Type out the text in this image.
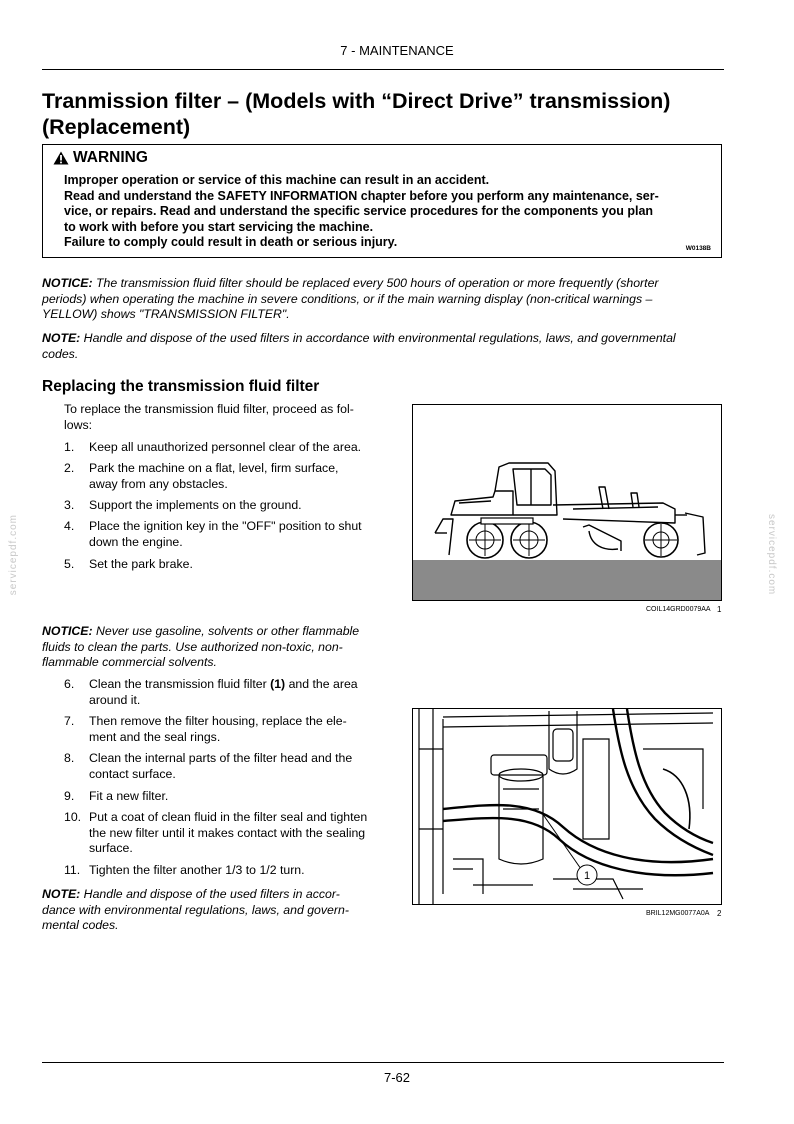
7 - MAINTENANCE
Tranmission filter – (Models with “Direct Drive” transmission)
(Replacement)
WARNING
Improper operation or service of this machine can result in an accident.
Read and understand the SAFETY INFORMATION chapter before you perform any maintenance, ser-
vice, or repairs. Read and understand the specific service procedures for the components you plan
to work with before you start servicing the machine.
Failure to comply could result in death or serious injury.	W0138B

NOTICE: The transmission fluid filter should be replaced every 500 hours of operation or more frequently (shorter
periods) when operating the machine in severe conditions, or if the main warning display (non-critical warnings –
YELLOW) shows "TRANSMISSION FILTER".

NOTE: Handle and dispose of the used filters in accordance with environmental regulations, laws, and governmental
codes.

Replacing the transmission fluid filter
To replace the transmission fluid filter, proceed as fol-
lows:
1.	Keep all unauthorized personnel clear of the area.
2.	Park the machine on a flat, level, firm surface,
away from any obstacles.
3.	Support the implements on the ground.
4.	Place the ignition key in the "OFF" position to shut
down the engine.
5.	Set the park brake.
COIL14GRD0079AA 1

NOTICE: Never use gasoline, solvents or other flammable
fluids to clean the parts. Use authorized non-toxic, non-
flammable commercial solvents.

6.	Clean the transmission fluid filter (1) and the area
around it.
7.	Then remove the filter housing, replace the ele-
ment and the seal rings.
8.	Clean the internal parts of the filter head and the
contact surface.
9.	Fit a new filter.
10. Put a coat of clean fluid in the filter seal and tighten
the new filter until it makes contact with the sealing
surface.
11. Tighten the filter another 1/3 to 1/2 turn.

NOTE: Handle and dispose of the used filters in accor-
dance with environmental regulations, laws, and govern-
mental codes.

1
BRIL12MG0077A0A 2
servicepdf.com	servicepdf.com
7-62
